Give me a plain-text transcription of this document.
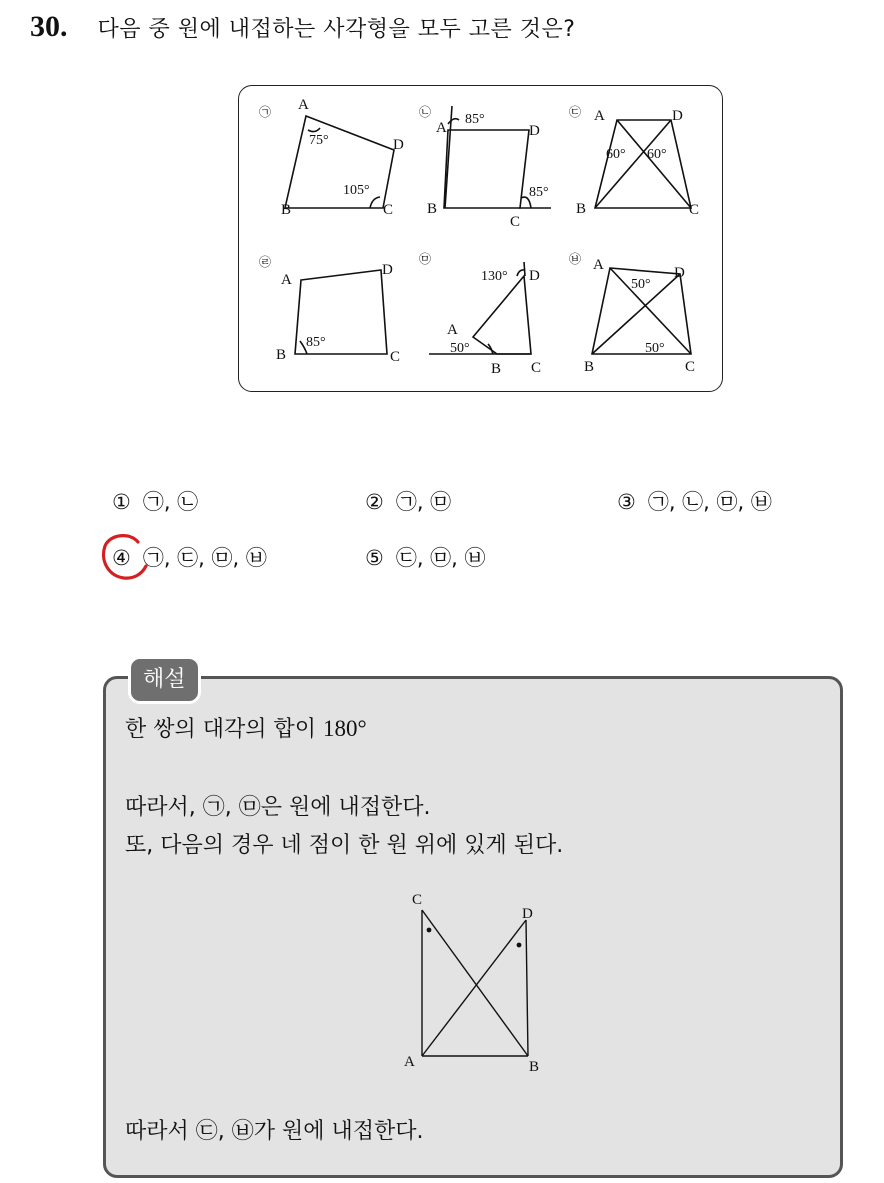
30. 다음 중 원에 내접하는 사각형을 모두 고른 것은?
㉠	㉡	㉢
㉣	㉤	㉥
A
D
B	C
A	D
B
C
A	D
B	C
A
D
B	C
A
D
B C
A	D
B	C
75°
105°
85°
85°
60° 60°
85°
130°
50°
50°
50°
① ㉠, ㉡	② ㉠, ㉤	③ ㉠, ㉡, ㉤, ㉥
④ ㉠, ㉢, ㉤, ㉥	⑤ ㉢, ㉤, ㉥
해설
한 쌍의 대각의 합이 180°
따라서, ㉠, ㉤은 원에 내접한다.
또, 다음의 경우 네 점이 한 원 위에 있게 된다.
C
D
A	B
따라서 ㉢, ㉥가 원에 내접한다.
